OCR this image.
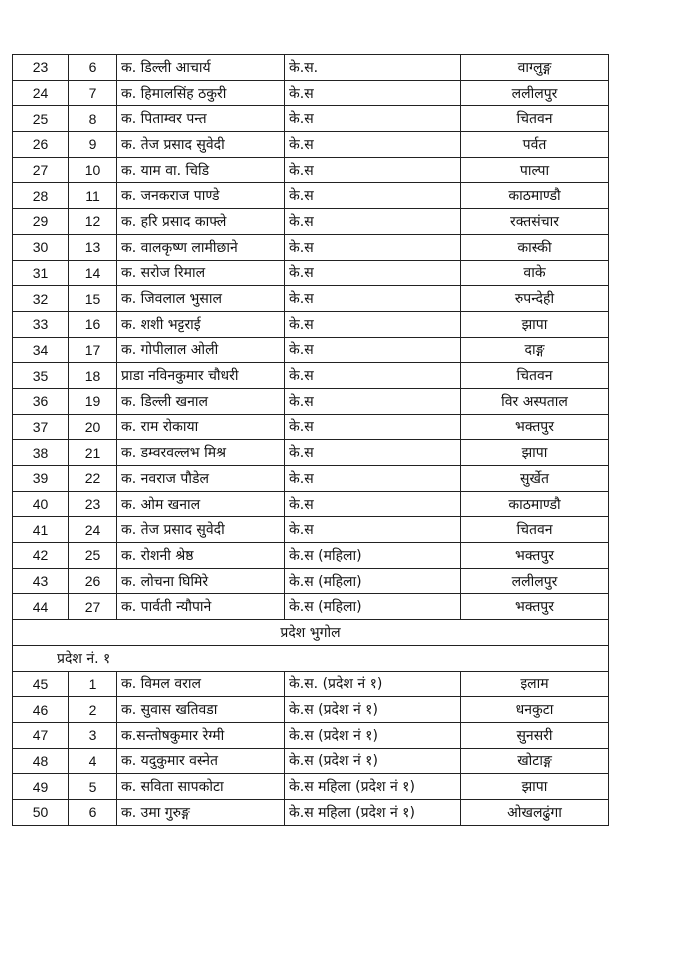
23	6	क. डिल्ली आचार्य	के.स.	वाग्लुङ्ग
24	7	क. हिमालसिंह ठकुरी	के.स	ललीलपुर
25	8	क. पिताम्वर पन्त	के.स	चितवन
26	9	क. तेज प्रसाद सुवेदी	के.स	पर्वत
27	10	क. याम वा. चिडि	के.स	पाल्पा
28	11	क. जनकराज पाण्डे	के.स	काठमाण्डौ
29	12	क. हरि प्रसाद काफ्ले	के.स	रक्तसंचार
30	13	क. वालकृष्ण लामीछाने	के.स	कास्की
31	14	क. सरोज रिमाल	के.स	वाके
32	15	क. जिवलाल भुसाल	के.स	रुपन्देही
33	16	क. शशी भट्टराई	के.स	झापा
34	17	क. गोपीलाल ओली	के.स	दाङ्ग
35	18	प्राडा नविनकुमार चौधरी	के.स	चितवन
36	19	क. डिल्ली खनाल	के.स	विर अस्पताल
37	20	क. राम रोकाया	के.स	भक्तपुर
38	21	क. डम्वरवल्लभ मिश्र	के.स	झापा
39	22	क. नवराज पौडेल	के.स	सुर्खेत
40	23	क. ओम खनाल	के.स	काठमाण्डौ
41	24	क. तेज प्रसाद सुवेदी	के.स	चितवन
42	25	क. रोशनी श्रेष्ठ	के.स (महिला)	भक्तपुर
43	26	क. लोचना घिमिरे	के.स (महिला)	ललीलपुर
44	27	क. पार्वती न्यौपाने	के.स (महिला)	भक्तपुर
प्रदेश भुगोल				
प्रदेश नं. १				
45	1	क. विमल वराल	के.स. (प्रदेश नं १)	इलाम
46	2	क. सुवास खतिवडा	के.स (प्रदेश नं १)	धनकुटा
47	3	क.सन्तोषकुमार रेग्मी	के.स (प्रदेश नं १)	सुनसरी
48	4	क. यदुकुमार वस्नेत	के.स (प्रदेश नं १)	खोटाङ्ग
49	5	क. सविता सापकोटा	के.स महिला (प्रदेश नं १)	झापा
50	6	क. उमा गुरुङ्ग	के.स महिला (प्रदेश नं १)	ओखलढुंगा
